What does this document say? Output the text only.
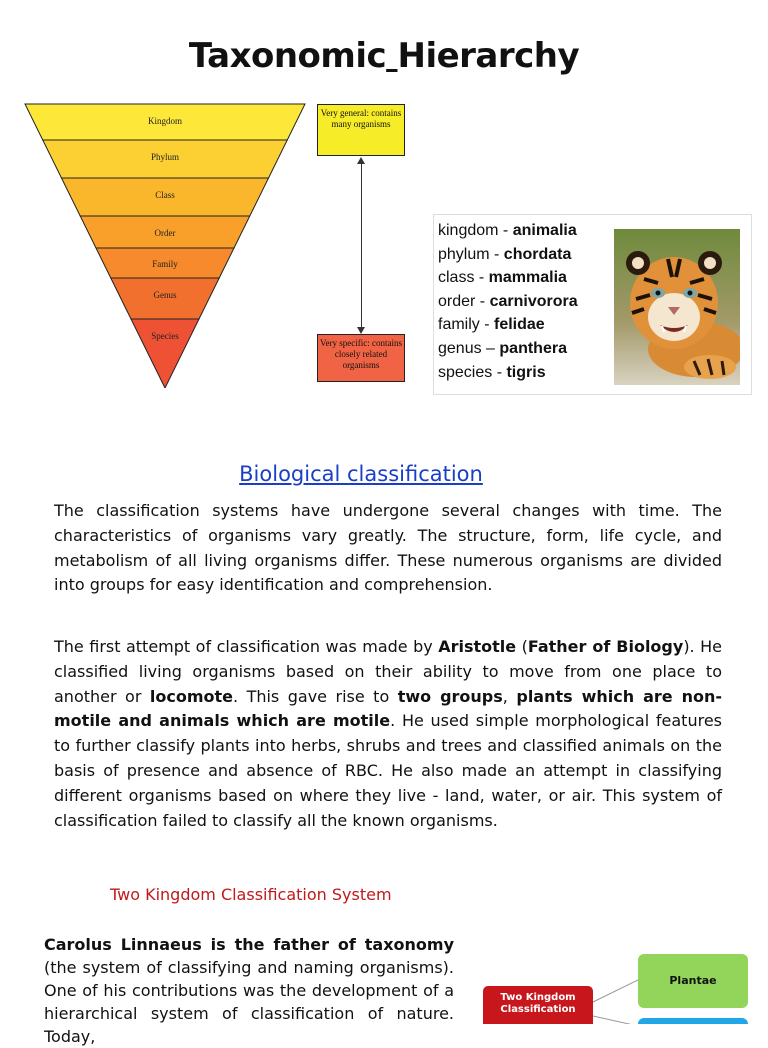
Taxonomic Hierarchy
Kingdom
Phylum
Class
Order
Family
Genus
Species
Very general: contains many organisms
Very specific: contains closely related organisms
kingdom - animalia
phylum - chordata
class - mammalia
order - carnivorora
family - felidae
genus – panthera
species - tigris
Biological classification
The classification systems have undergone several changes with time. The characteristics of organisms vary greatly. The structure, form, life cycle, and metabolism of all living organisms differ. These numerous organisms are divided into groups for easy identification and comprehension.
The first attempt of classification was made by Aristotle (Father of Biology). He classified living organisms based on their ability to move from one place to another or locomote. This gave rise to two groups, plants which are non-motile and animals which are motile. He used simple morphological features to further classify plants into herbs, shrubs and trees and classified animals on the basis of presence and absence of RBC. He also made an attempt in classifying different organisms based on where they live - land, water, or air. This system of classification failed to classify all the known organisms.
Two Kingdom Classification System
Carolus Linnaeus is the father of taxonomy (the system of classifying and naming organisms). One of his contributions was the development of a hierarchical system of classification of nature. Today,
Plantae
Two Kingdom Classification
